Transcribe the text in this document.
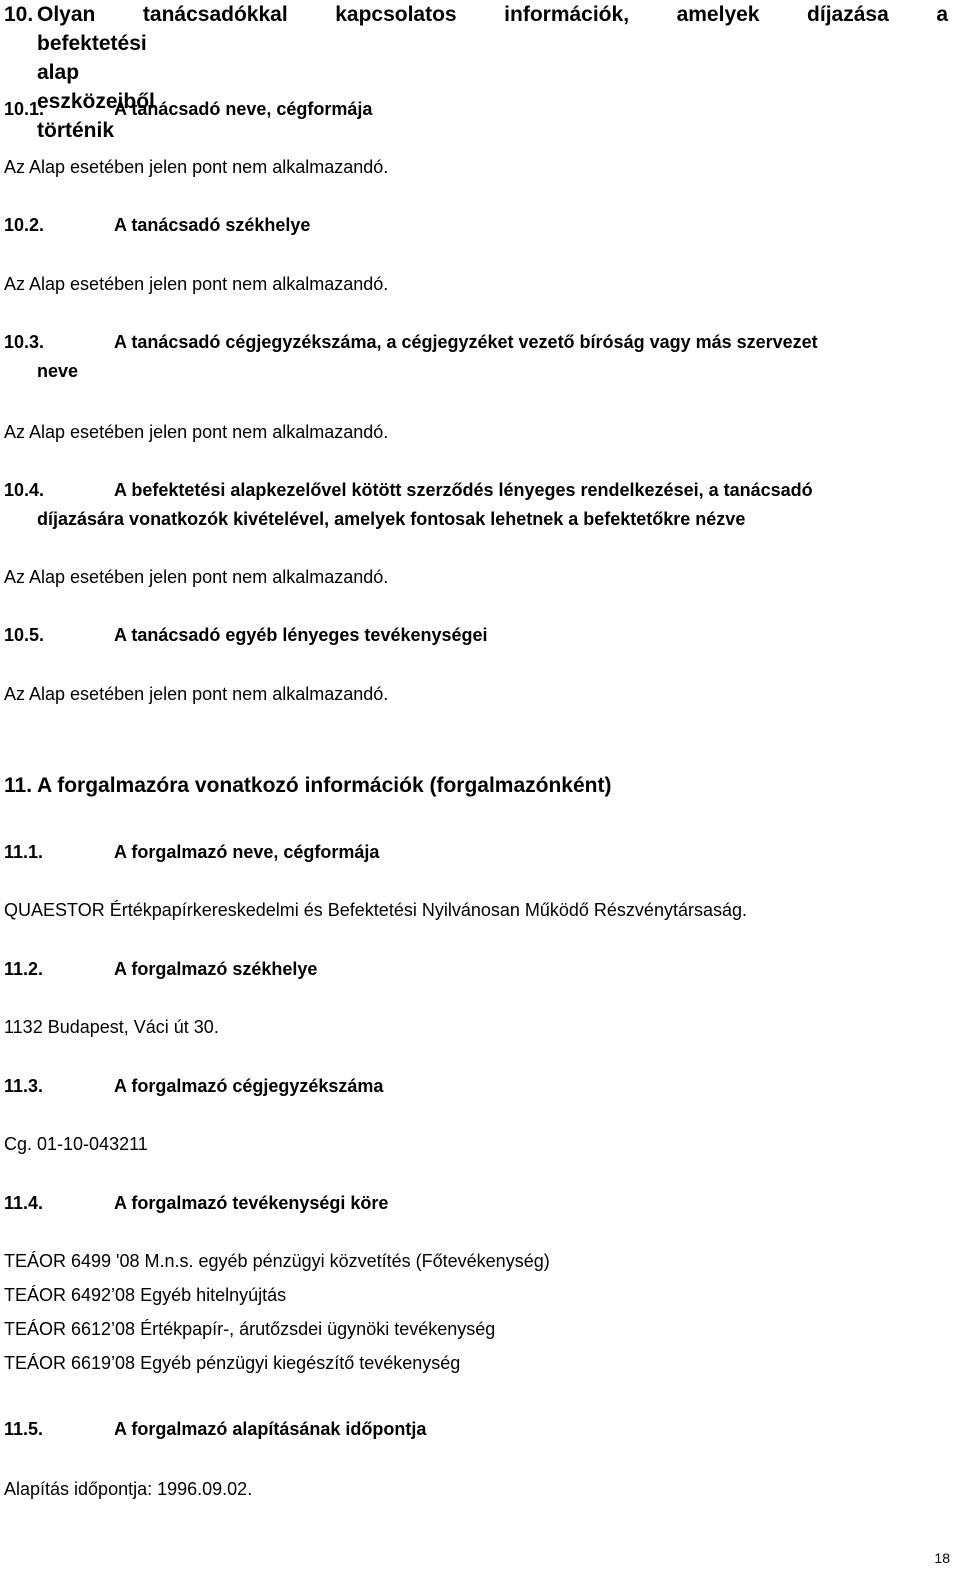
10. Olyan tanácsadókkal kapcsolatos információk, amelyek díjazása a
befektetési alap eszközeiből történik
10.1.	A tanácsadó neve, cégformája
Az Alap esetében jelen pont nem alkalmazandó.
10.2.	A tanácsadó székhelye
Az Alap esetében jelen pont nem alkalmazandó.
10.3.	A tanácsadó cégjegyzékszáma, a cégjegyzéket vezető bíróság vagy más szervezet
neve
Az Alap esetében jelen pont nem alkalmazandó.
10.4.	A befektetési alapkezelővel kötött szerződés lényeges rendelkezései, a tanácsadó
díjazására vonatkozók kivételével, amelyek fontosak lehetnek a befektetőkre nézve
Az Alap esetében jelen pont nem alkalmazandó.
10.5.	A tanácsadó egyéb lényeges tevékenységei
Az Alap esetében jelen pont nem alkalmazandó.
11. A forgalmazóra vonatkozó információk (forgalmazónként)
11.1.	A forgalmazó neve, cégformája
QUAESTOR Értékpapírkereskedelmi és Befektetési Nyilvánosan Működő Részvénytársaság.
11.2.	A forgalmazó székhelye
1132 Budapest, Váci út 30.
11.3.	A forgalmazó cégjegyzékszáma
Cg. 01-10-043211
11.4.	A forgalmazó tevékenységi köre
TEÁOR 6499 '08 M.n.s. egyéb pénzügyi közvetítés (Főtevékenység)
TEÁOR 6492’08 Egyéb hitelnyújtás
TEÁOR 6612’08 Értékpapír-, árutőzsdei ügynöki tevékenység
TEÁOR 6619’08 Egyéb pénzügyi kiegészítő tevékenység
11.5.	A forgalmazó alapításának időpontja
Alapítás időpontja: 1996.09.02.
18
